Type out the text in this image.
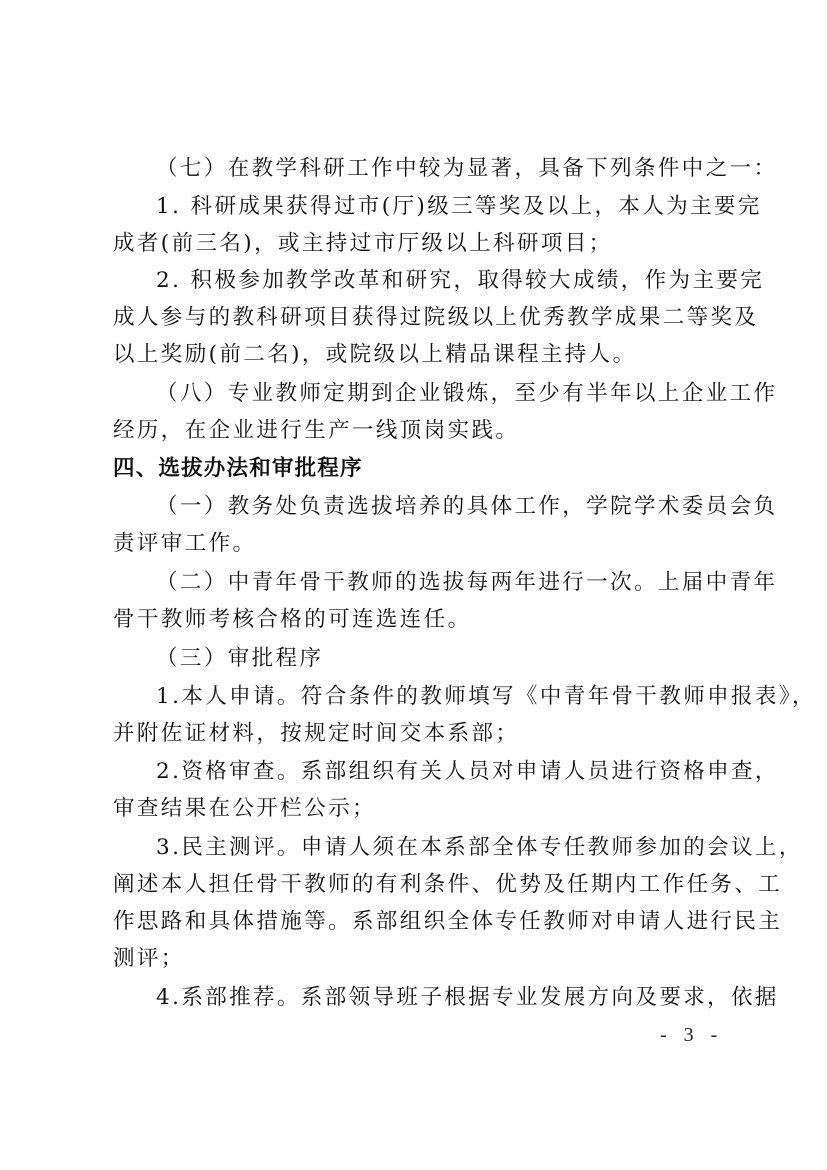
（七）在教学科研工作中较为显著，具备下列条件中之一：
1. 科研成果获得过市(厅)级三等奖及以上，本人为主要完
成者(前三名)，或主持过市厅级以上科研项目；
2. 积极参加教学改革和研究，取得较大成绩，作为主要完
成人参与的教科研项目获得过院级以上优秀教学成果二等奖及
以上奖励(前二名)，或院级以上精品课程主持人。
（八）专业教师定期到企业锻炼，至少有半年以上企业工作
经历，在企业进行生产一线顶岗实践。
四、选拔办法和审批程序
（一）教务处负责选拔培养的具体工作，学院学术委员会负
责评审工作。
（二）中青年骨干教师的选拔每两年进行一次。上届中青年
骨干教师考核合格的可连选连任。
（三）审批程序
1.本人申请。符合条件的教师填写《中青年骨干教师申报表》，
并附佐证材料，按规定时间交本系部；
2.资格审查。系部组织有关人员对申请人员进行资格申查，
审查结果在公开栏公示；
3.民主测评。申请人须在本系部全体专任教师参加的会议上，
阐述本人担任骨干教师的有利条件、优势及任期内工作任务、工
作思路和具体措施等。系部组织全体专任教师对申请人进行民主
测评；
4.系部推荐。系部领导班子根据专业发展方向及要求，依据
- 3 -
